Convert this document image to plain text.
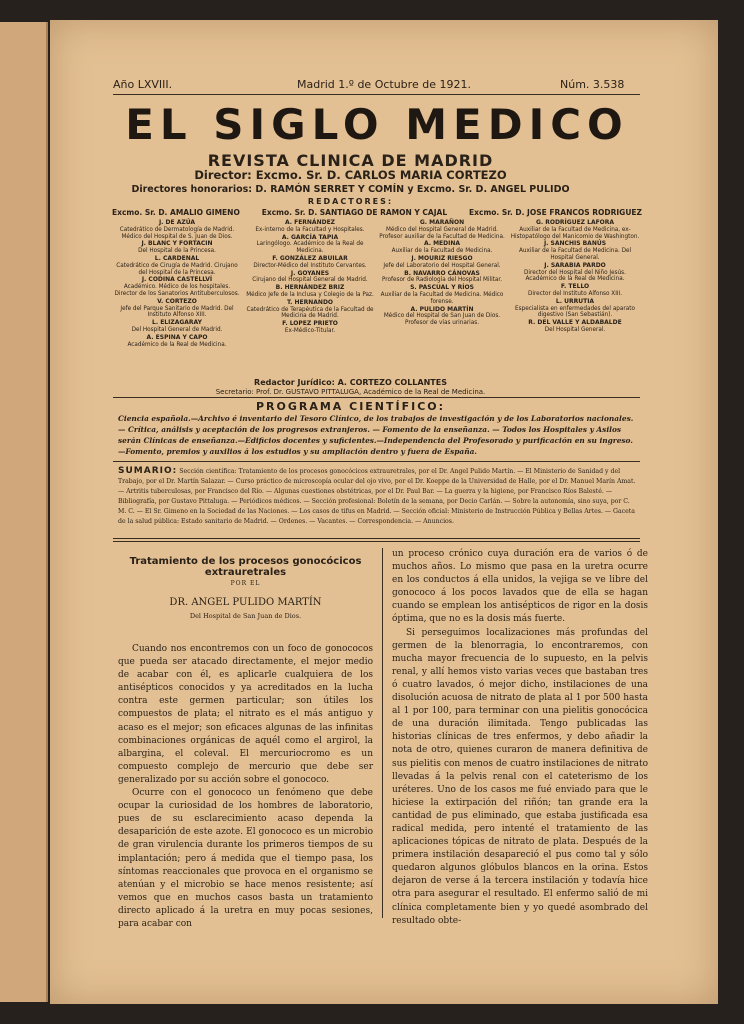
Año LXVIII.	Madrid 1.º de Octubre de 1921.	Núm. 3.538
EL SIGLO MEDICO
REVISTA CLINICA DE MADRID
Director: Excmo. Sr. D. CARLOS MARIA CORTEZO
Directores honorarios: D. RAMÓN SERRET Y COMÍN y Excmo. Sr. D. ANGEL PULIDO
REDACTORES:
Excmo. Sr. D. AMALIO GIMENO	Excmo. Sr. D. SANTIAGO DE RAMON Y CAJAL	Excmo. Sr. D. JOSE FRANCOS RODRIGUEZ
J. DE AZÚA
Catedrático de Dermatología de Madrid. Médico del Hospital de S. Juan de Dios.
J. BLANC Y FORTACIN
Del Hospital de la Princesa.
L. CARDENAL
Catedrático de Cirugía de Madrid. Cirujano del Hospital de la Princesa.
J. CODINA CASTELLVÍ
Académico. Médico de los hospitales. Director de los Sanatorios Antituberculosos.
V. CORTEZO
Jefe del Parque Sanitario de Madrid. Del Instituto Alfonso XIII.
L. ELIZAGARAY
Del Hospital General de Madrid.
A. ESPINA Y CAPO
Académico de la Real de Medicina.
A. FERNÁNDEZ
Ex-interno de la Facultad y Hospitales.
A. GARCÍA TAPIA
Laringólogo. Académico de la Real de Medicina.
F. GONZÁLEZ ABUILAR
Director-Médico del Instituto Cervantes.
J. GOYANES
Cirujano del Hospital General de Madrid.
B. HERNÁNDEZ BRIZ
Médico Jefe de la Inclusa y Colegio de la Paz.
T. HERNANDO
Catedrático de Terapéutica de la Facultad de Medicina de Madrid.
F. LOPEZ PRIETO
Ex-Médico-Titular.
G. MARAÑON
Médico del Hospital General de Madrid. Profesor auxiliar de la Facultad de Medicina.
A. MEDINA
Auxiliar de la Facultad de Medicina.
J. MOURIZ RIESGO
Jefe del Laboratorio del Hospital General.
B. NAVARRO CÁNOVAS
Profesor de Radiología del Hospital Militar.
S. PASCUAL Y RÍOS
Auxiliar de la Facultad de Medicina. Médico forense.
A. PULIDO MARTÍN
Médico del Hospital de San Juan de Dios. Profesor de vías urinarias.
G. RODRÍGUEZ LAFORA
Auxiliar de la Facultad de Medicina, ex-Histopatólogo del Manicomio de Washington.
J. SANCHIS BANÚS
Auxiliar de la Facultad de Medicina. Del Hospital General.
J. SARABIA PARDO
Director del Hospital del Niño Jesús. Académico de la Real de Medicina.
F. TELLO
Director del Instituto Alfonso XIII.
L. URRUTIA
Especialista en enfermedades del aparato digestivo (San Sebastián).
R. DEL VALLE Y ALDABALDE
Del Hospital General.
Redactor Jurídico: A. CORTEZO COLLANTES
Secretario: Prof. Dr. GUSTAVO PITTALUGA, Académico de la Real de Medicina.
PROGRAMA CIENTÍFICO:
Ciencia española.—Archivo é inventario del Tesoro Clínico, de los trabajos de investigación y de los Laboratorios nacionales.— Crítica, análisis y aceptación de los progresos extranjeros. — Fomento de la enseñanza. — Todos los Hospitales y Asilos serán Clínicas de enseñanza.—Edificios docentes y suficientes.—Independencia del Profesorado y purificación en su ingreso.—Fomento, premios y auxilios á los estudios y su ampliación dentro y fuera de España.
SUMARIO: Sección científica: Tratamiento de los procesos gonocócicos extrauretrales, por el Dr. Angel Pulido Martín. — El Ministerio de Sanidad y del Trabajo, por el Dr. Martín Salazar. — Curso práctico de microscopía ocular del ojo vivo, por el Dr. Koeppe de la Universidad de Halle, por el Dr. Manuel Marín Amat. — Artritis tuberculosas, por Francisco del Río. — Algunas cuestiones obstétricas, por el Dr. Paul Bar. — La guerra y la higiene, por Francisco Ríos Balesté. — Bibliografía, por Gustavo Pittaluga. — Periódicos médicos. — Sección profesional: Boletín de la semana, por Decio Carlán. — Sobre la autonomía, sino suya, por C. M. C. — El Sr. Gimeno en la Sociedad de las Naciones. — Los casos de tifus en Madrid. — Sección oficial: Ministerio de Instrucción Pública y Bellas Artes. — Gaceta de la salud pública: Estado sanitario de Madrid. — Ordenes. — Vacantes. — Correspondencia. — Anuncios.
Tratamiento de los procesos gonocócicos extrauretrales
POR EL
DR. ANGEL PULIDO MARTÍN
Del Hospital de San Juan de Dios.

Cuando nos encontremos con un foco de gonococos que pueda ser atacado directamente, el mejor medio de acabar con él, es aplicarle cualquiera de los antisépticos conocidos y ya acreditados en la lucha contra este germen particular; son útiles los compuestos de plata; el nitrato es el más antiguo y acaso es el mejor; son eficaces algunas de las infinitas combinaciones orgánicas de aquél como el argirol, la albargina, el coleval. El mercuriocromo es un compuesto complejo de mercurio que debe ser generalizado por su acción sobre el gonococo.

Ocurre con el gonococo un fenómeno que debe ocupar la curiosidad de los hombres de laboratorio, pues de su esclarecimiento acaso dependa la desaparición de este azote. El gonococo es un microbio de gran virulencia durante los primeros tiempos de su implantación; pero á medida que el tiempo pasa, los síntomas reaccionales que provoca en el organismo se atenúan y el microbio se hace menos resistente; así vemos que en muchos casos basta un tratamiento directo aplicado á la uretra en muy pocas sesiones, para acabar con

un proceso crónico cuya duración era de varios ó de muchos años. Lo mismo que pasa en la uretra ocurre en los conductos á ella unidos, la vejiga se ve libre del gonococo á los pocos lavados que de ella se hagan cuando se emplean los antisépticos de rigor en la dosis óptima, que no es la dosis más fuerte.

Si perseguimos localizaciones más profundas del germen de la blenorragia, lo encontraremos, con mucha mayor frecuencia de lo supuesto, en la pelvis renal, y allí hemos visto varias veces que bastaban tres ó cuatro lavados, ó mejor dicho, instilaciones de una disolución acuosa de nitrato de plata al 1 por 500 hasta al 1 por 100, para terminar con una pielitis gonocócica de una duración ilimitada. Tengo publicadas las historias clínicas de tres enfermos, y debo añadir la nota de otro, quienes curaron de manera definitiva de sus pielitis con menos de cuatro instilaciones de nitrato llevadas á la pelvis renal con el cateterismo de los uréteres. Uno de los casos me fué enviado para que le hiciese la extirpación del riñón; tan grande era la cantidad de pus eliminado, que estaba justificada esa radical medida, pero intenté el tratamiento de las aplicaciones tópicas de nitrato de plata. Después de la primera instilación desapareció el pus como tal y sólo quedaron algunos glóbulos blancos en la orina. Estos dejaron de verse á la tercera instilación y todavía hice otra para asegurar el resultado. El enfermo salió de mi clínica completamente bien y yo quedé asombrado del resultado obte-
